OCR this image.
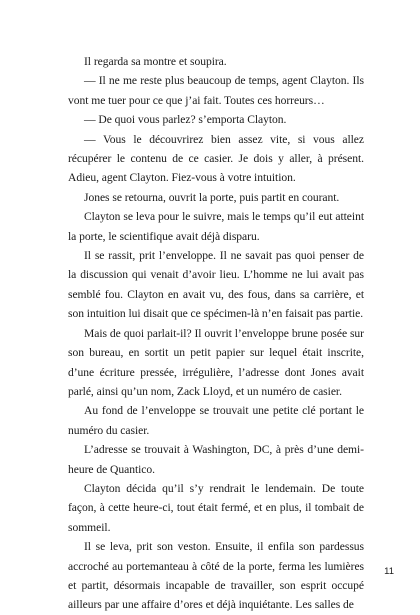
Il regarda sa montre et soupira.

— Il ne me reste plus beaucoup de temps, agent Clayton. Ils vont me tuer pour ce que j’ai fait. Toutes ces horreurs…

— De quoi vous parlez? s’emporta Clayton.

— Vous le découvrirez bien assez vite, si vous allez récupérer le contenu de ce casier. Je dois y aller, à présent. Adieu, agent Clayton. Fiez-vous à votre intuition.

Jones se retourna, ouvrit la porte, puis partit en courant.

Clayton se leva pour le suivre, mais le temps qu’il eut atteint la porte, le scientifique avait déjà disparu.

Il se rassit, prit l’enveloppe. Il ne savait pas quoi penser de la discussion qui venait d’avoir lieu. L’homme ne lui avait pas semblé fou. Clayton en avait vu, des fous, dans sa carrière, et son intuition lui disait que ce spécimen-là n’en faisait pas partie.

Mais de quoi parlait-il? Il ouvrit l’enveloppe brune posée sur son bureau, en sortit un petit papier sur lequel était inscrite, d’une écriture pressée, irrégulière, l’adresse dont Jones avait parlé, ainsi qu’un nom, Zack Lloyd, et un numéro de casier.

Au fond de l’enveloppe se trouvait une petite clé portant le numéro du casier.

L’adresse se trouvait à Washington, DC, à près d’une demi-heure de Quantico.

Clayton décida qu’il s’y rendrait le lendemain. De toute façon, à cette heure-ci, tout était fermé, et en plus, il tombait de sommeil.

Il se leva, prit son veston. Ensuite, il enfila son pardessus accroché au portemanteau à côté de la porte, ferma les lumières et partit, désormais incapable de travailler, son esprit occupé ailleurs par une affaire d’ores et déjà inquiétante. Les salles de

11
